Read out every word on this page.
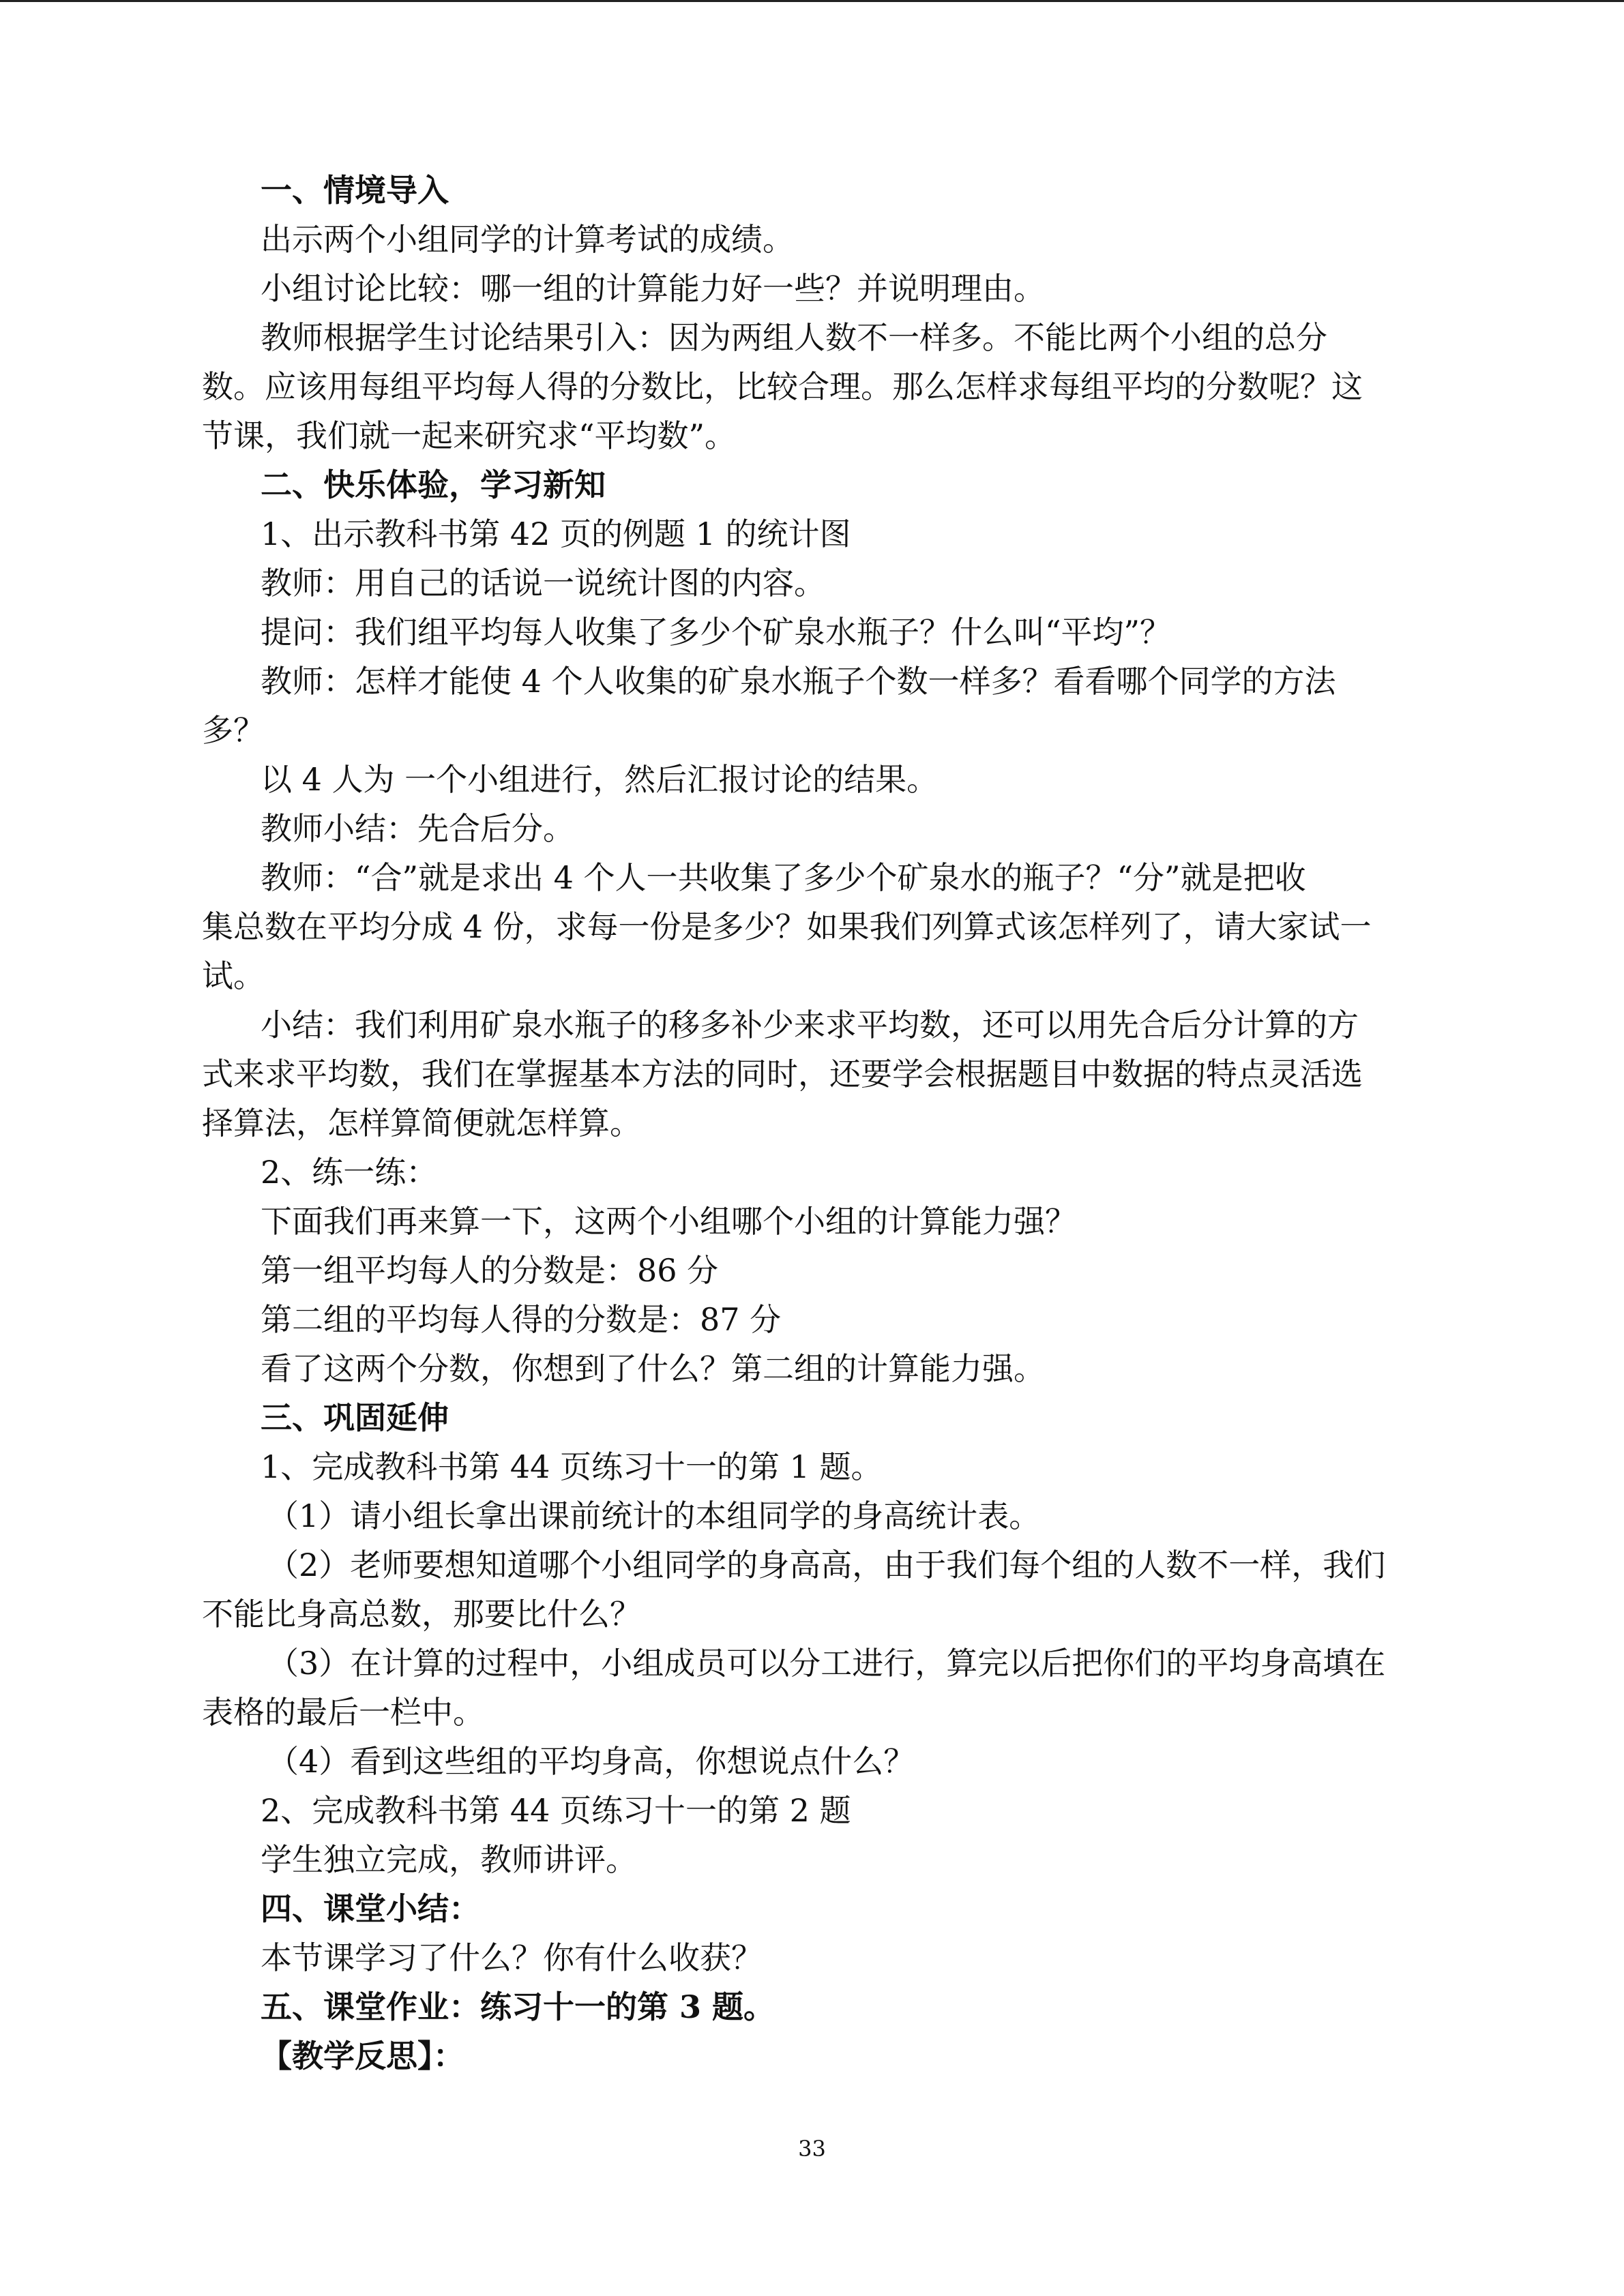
一、情境导入
出示两个小组同学的计算考试的成绩。
小组讨论比较：哪一组的计算能力好一些？并说明理由。
教师根据学生讨论结果引入：因为两组人数不一样多。不能比两个小组的总分
数。应该用每组平均每人得的分数比，比较合理。那么怎样求每组平均的分数呢？这
节课，我们就一起来研究求“平均数”。
二、快乐体验，学习新知
1、出示教科书第 42 页的例题 1 的统计图
教师：用自己的话说一说统计图的内容。
提问：我们组平均每人收集了多少个矿泉水瓶子？什么叫“平均”？
教师：怎样才能使 4 个人收集的矿泉水瓶子个数一样多？看看哪个同学的方法
多？
以 4 人为 一个小组进行，然后汇报讨论的结果。
教师小结：先合后分。
教师：“合”就是求出 4 个人一共收集了多少个矿泉水的瓶子？“分”就是把收
集总数在平均分成 4 份，求每一份是多少？如果我们列算式该怎样列了，请大家试一
试。
小结：我们利用矿泉水瓶子的移多补少来求平均数，还可以用先合后分计算的方
式来求平均数，我们在掌握基本方法的同时，还要学会根据题目中数据的特点灵活选
择算法，怎样算简便就怎样算。
2、练一练：
下面我们再来算一下，这两个小组哪个小组的计算能力强？
第一组平均每人的分数是：86 分
第二组的平均每人得的分数是：87 分
看了这两个分数，你想到了什么？第二组的计算能力强。
三、巩固延伸
1、完成教科书第 44 页练习十一的第 1 题。
（1）请小组长拿出课前统计的本组同学的身高统计表。
（2）老师要想知道哪个小组同学的身高高，由于我们每个组的人数不一样，我们
不能比身高总数，那要比什么？
（3）在计算的过程中，小组成员可以分工进行，算完以后把你们的平均身高填在
表格的最后一栏中。
（4）看到这些组的平均身高，你想说点什么？
2、完成教科书第 44 页练习十一的第 2 题
学生独立完成，教师讲评。
四、课堂小结：
本节课学习了什么？你有什么收获？
五、课堂作业：练习十一的第 3 题。
【教学反思】：
33
